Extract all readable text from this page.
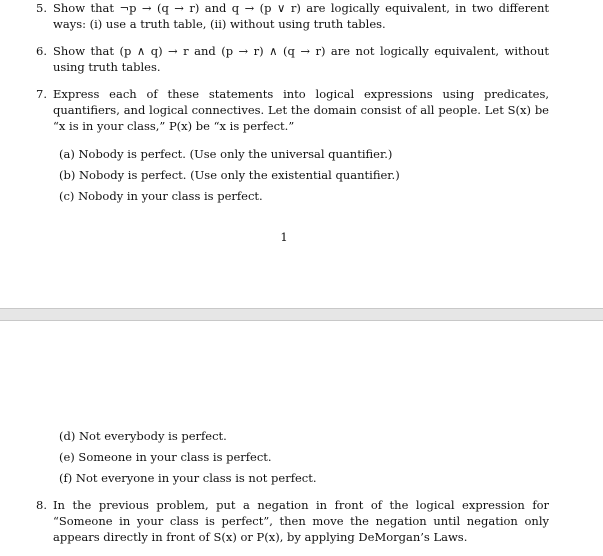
5. Show that ¬p → (q → r) and q → (p ∨ r) are logically equivalent, in two different ways: (i) use a truth table, (ii) without using truth tables.
6. Show that (p ∧ q) → r and (p → r) ∧ (q → r) are not logically equivalent, without using truth tables.
7. Express each of these statements into logical expressions using predicates, quantifiers, and logical connectives. Let the domain consist of all people. Let S(x) be “x is in your class,” P(x) be “x is perfect.”
(a) Nobody is perfect. (Use only the universal quantifier.)
(b) Nobody is perfect. (Use only the existential quantifier.)
(c) Nobody in your class is perfect.
1
(d) Not everybody is perfect.
(e) Someone in your class is perfect.
(f) Not everyone in your class is not perfect.
8. In the previous problem, put a negation in front of the logical expression for “Someone in your class is perfect”, then move the negation until negation only appears directly in front of S(x) or P(x), by applying DeMorgan’s Laws.
